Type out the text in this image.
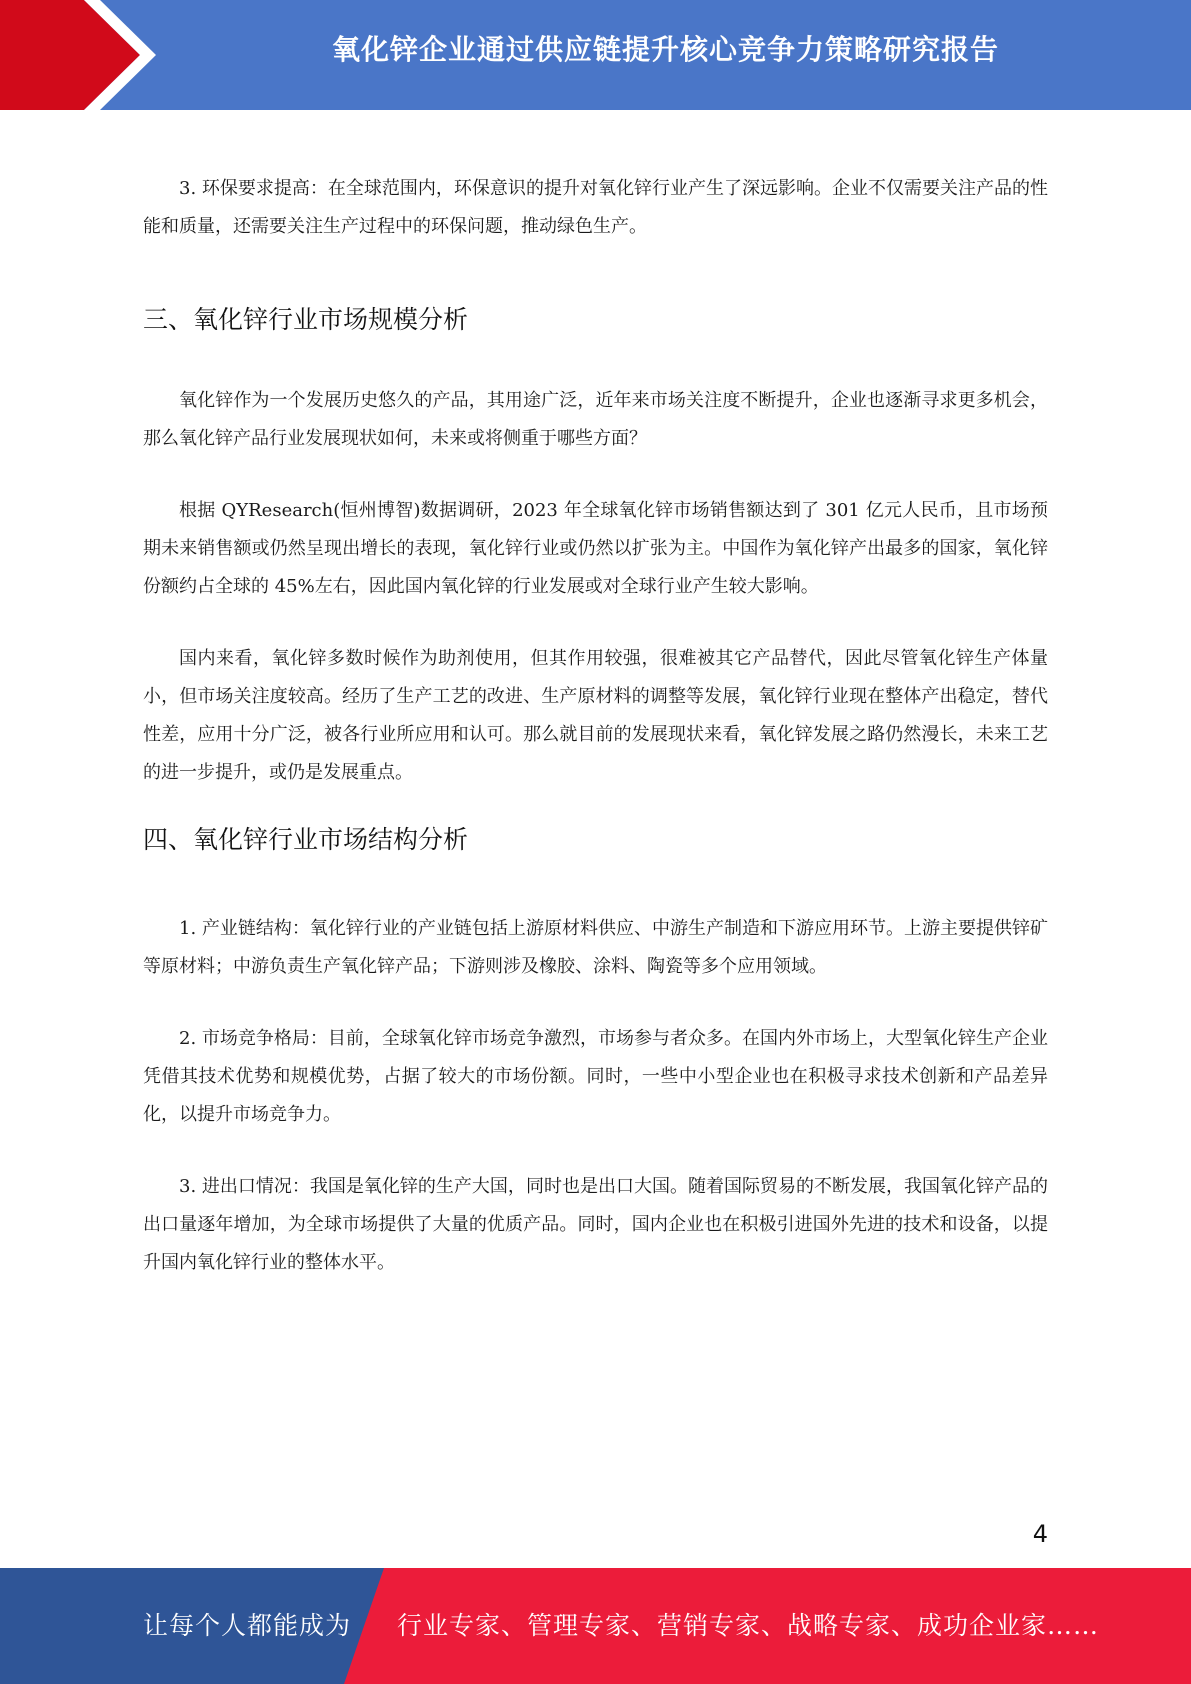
氧化锌企业通过供应链提升核心竞争力策略研究报告

3. 环保要求提高：在全球范围内，环保意识的提升对氧化锌行业产生了深远影响。企业不仅需要关注产品的性能和质量，还需要关注生产过程中的环保问题，推动绿色生产。

三、氧化锌行业市场规模分析

氧化锌作为一个发展历史悠久的产品，其用途广泛，近年来市场关注度不断提升，企业也逐渐寻求更多机会，那么氧化锌产品行业发展现状如何，未来或将侧重于哪些方面？

根据 QYResearch(恒州博智)数据调研，2023 年全球氧化锌市场销售额达到了 301 亿元人民币，且市场预期未来销售额或仍然呈现出增长的表现，氧化锌行业或仍然以扩张为主。中国作为氧化锌产出最多的国家，氧化锌份额约占全球的 45%左右，因此国内氧化锌的行业发展或对全球行业产生较大影响。

国内来看，氧化锌多数时候作为助剂使用，但其作用较强，很难被其它产品替代，因此尽管氧化锌生产体量小，但市场关注度较高。经历了生产工艺的改进、生产原材料的调整等发展，氧化锌行业现在整体产出稳定，替代性差，应用十分广泛，被各行业所应用和认可。那么就目前的发展现状来看，氧化锌发展之路仍然漫长，未来工艺的进一步提升，或仍是发展重点。

四、氧化锌行业市场结构分析

1. 产业链结构：氧化锌行业的产业链包括上游原材料供应、中游生产制造和下游应用环节。上游主要提供锌矿等原材料；中游负责生产氧化锌产品；下游则涉及橡胶、涂料、陶瓷等多个应用领域。

2. 市场竞争格局：目前，全球氧化锌市场竞争激烈，市场参与者众多。在国内外市场上，大型氧化锌生产企业凭借其技术优势和规模优势，占据了较大的市场份额。同时，一些中小型企业也在积极寻求技术创新和产品差异化，以提升市场竞争力。

3. 进出口情况：我国是氧化锌的生产大国，同时也是出口大国。随着国际贸易的不断发展，我国氧化锌产品的出口量逐年增加，为全球市场提供了大量的优质产品。同时，国内企业也在积极引进国外先进的技术和设备，以提升国内氧化锌行业的整体水平。

4
让每个人都能成为 行业专家、管理专家、营销专家、战略专家、成功企业家……
